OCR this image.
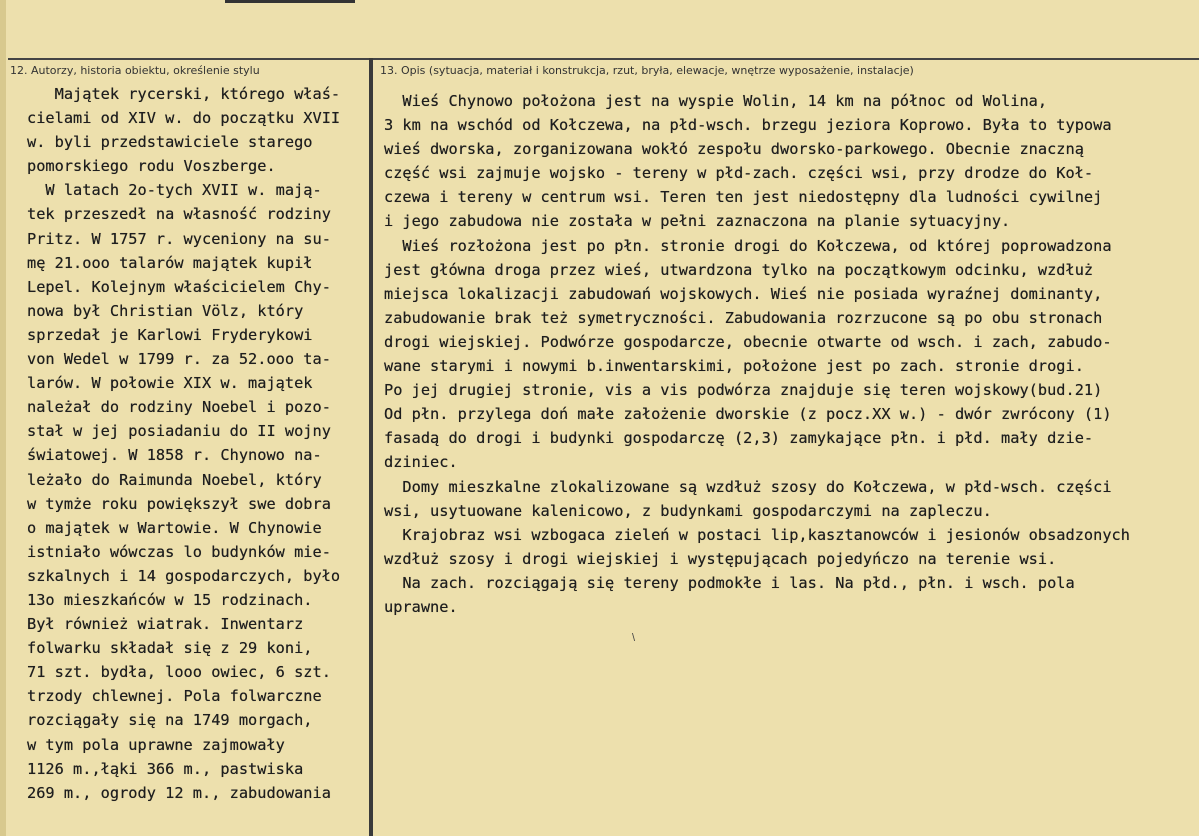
12. Autorzy, historia obiektu, określenie stylu	13. Opis (sytuacja, materiał i konstrukcja, rzut, bryła, elewacje, wnętrze wyposażenie, instalacje)
Majątek rycerski, którego właś-
cielami od XIV w. do początku XVII
w. byli przedstawiciele starego
pomorskiego rodu Voszberge.
W latach 2o-tych XVII w. mają-
tek przeszedł na własność rodziny
Pritz. W 1757 r. wyceniony na su-
mę 21.ooo talarów majątek kupił
Lepel. Kolejnym właścicielem Chy-
nowa był Christian Völz, który
sprzedał je Karlowi Fryderykowi
von Wedel w 1799 r. za 52.ooo ta-
larów. W połowie XIX w. majątek
należał do rodziny Noebel i pozo-
stał w jej posiadaniu do II wojny
światowej. W 1858 r. Chynowo na-
leżało do Raimunda Noebel, który
w tymże roku powiększył swe dobra
o majątek w Wartowie. W Chynowie
istniało wówczas lo budynków mie-
szkalnych i 14 gospodarczych, było
13o mieszkańców w 15 rodzinach.
Był również wiatrak. Inwentarz
folwarku składał się z 29 koni,
71 szt. bydła, looo owiec, 6 szt.
trzody chlewnej. Pola folwarczne
rozciągały się na 1749 morgach,
w tym pola uprawne zajmowały
1126 m.,łąki 366 m., pastwiska
269 m., ogrody 12 m., zabudowania
Wieś Chynowo położona jest na wyspie Wolin, 14 km na północ od Wolina,
3 km na wschód od Kołczewa, na płd-wsch. brzegu jeziora Koprowo. Była to typowa
wieś dworska, zorganizowana wokłó zespołu dworsko-parkowego. Obecnie znaczną
część wsi zajmuje wojsko - tereny w płd-zach. części wsi, przy drodze do Koł-
czewa i tereny w centrum wsi. Teren ten jest niedostępny dla ludności cywilnej
i jego zabudowa nie została w pełni zaznaczona na planie sytuacyjny.
Wieś rozłożona jest po płn. stronie drogi do Kołczewa, od której poprowadzona
jest główna droga przez wieś, utwardzona tylko na początkowym odcinku, wzdłuż
miejsca lokalizacji zabudowań wojskowych. Wieś nie posiada wyraźnej dominanty,
zabudowanie brak też symetryczności. Zabudowania rozrzucone są po obu stronach
drogi wiejskiej. Podwórze gospodarcze, obecnie otwarte od wsch. i zach, zabudo-
wane starymi i nowymi b.inwentarskimi, położone jest po zach. stronie drogi.
Po jej drugiej stronie, vis a vis podwórza znajduje się teren wojskowy(bud.21)
Od płn. przylega doń małe założenie dworskie (z pocz.XX w.) - dwór zwrócony (1)
fasadą do drogi i budynki gospodarczę (2,3) zamykające płn. i płd. mały dzie-
dziniec.
Domy mieszkalne zlokalizowane są wzdłuż szosy do Kołczewa, w płd-wsch. części
wsi, usytuowane kalenicowo, z budynkami gospodarczymi na zapleczu.
Krajobraz wsi wzbogaca zieleń w postaci lip,kasztanowców i jesionów obsadzonych
wzdłuż szosy i drogi wiejskiej i występującach pojedyńczo na terenie wsi.
Na zach. rozciągają się tereny podmokłe i las. Na płd., płn. i wsch. pola
uprawne.
\
